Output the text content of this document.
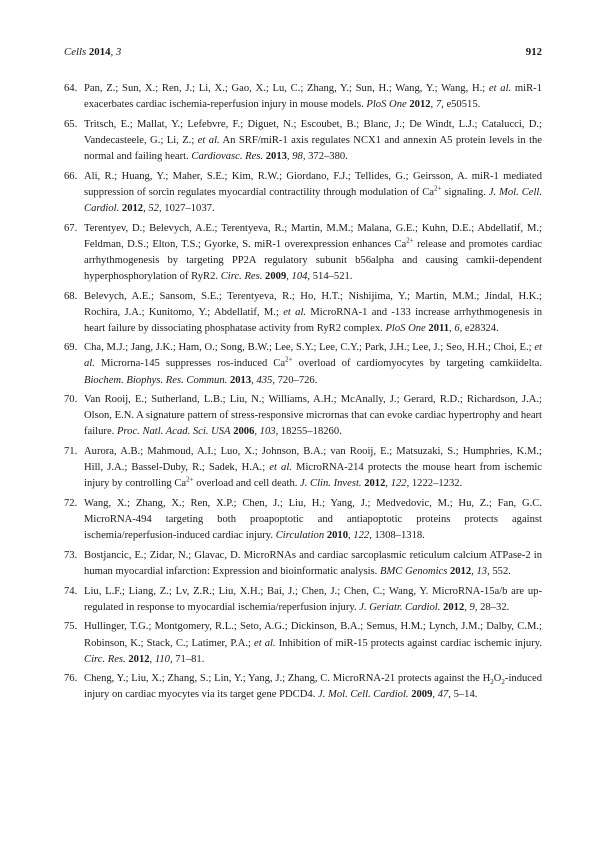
Cells 2014, 3	912
64. Pan, Z.; Sun, X.; Ren, J.; Li, X.; Gao, X.; Lu, C.; Zhang, Y.; Sun, H.; Wang, Y.; Wang, H.; et al. miR-1 exacerbates cardiac ischemia-reperfusion injury in mouse models. PloS One 2012, 7, e50515.
65. Tritsch, E.; Mallat, Y.; Lefebvre, F.; Diguet, N.; Escoubet, B.; Blanc, J.; De Windt, L.J.; Catalucci, D.; Vandecasteele, G.; Li, Z.; et al. An SRF/miR-1 axis regulates NCX1 and annexin A5 protein levels in the normal and failing heart. Cardiovasc. Res. 2013, 98, 372–380.
66. Ali, R.; Huang, Y.; Maher, S.E.; Kim, R.W.; Giordano, F.J.; Tellides, G.; Geirsson, A. miR-1 mediated suppression of sorcin regulates myocardial contractility through modulation of $Ca^{2+}$ signaling. J. Mol. Cell. Cardiol. 2012, 52, 1027–1037.
67. Terentyev, D.; Belevych, A.E.; Terentyeva, R.; Martin, M.M.; Malana, G.E.; Kuhn, D.E.; Abdellatif, M.; Feldman, D.S.; Elton, T.S.; Gyorke, S. miR-1 overexpression enhances $Ca^{2+}$ release and promotes cardiac arrhythmogenesis by targeting PP2A regulatory subunit b56alpha and causing camkii-dependent hyperphosphorylation of RyR2. Circ. Res. 2009, 104, 514–521.
68. Belevych, A.E.; Sansom, S.E.; Terentyeva, R.; Ho, H.T.; Nishijima, Y.; Martin, M.M.; Jindal, H.K.; Rochira, J.A.; Kunitomo, Y.; Abdellatif, M.; et al. MicroRNA-1 and -133 increase arrhythmogenesis in heart failure by dissociating phosphatase activity from RyR2 complex. PloS One 2011, 6, e28324.
69. Cha, M.J.; Jang, J.K.; Ham, O.; Song, B.W.; Lee, S.Y.; Lee, C.Y.; Park, J.H.; Lee, J.; Seo, H.H.; Choi, E.; et al. Microrna-145 suppresses ros-induced $Ca^{2+}$ overload of cardiomyocytes by targeting camkiidelta. Biochem. Biophys. Res. Commun. 2013, 435, 720–726.
70. Van Rooij, E.; Sutherland, L.B.; Liu, N.; Williams, A.H.; McAnally, J.; Gerard, R.D.; Richardson, J.A.; Olson, E.N. A signature pattern of stress-responsive micrornas that can evoke cardiac hypertrophy and heart failure. Proc. Natl. Acad. Sci. USA 2006, 103, 18255–18260.
71. Aurora, A.B.; Mahmoud, A.I.; Luo, X.; Johnson, B.A.; van Rooij, E.; Matsuzaki, S.; Humphries, K.M.; Hill, J.A.; Bassel-Duby, R.; Sadek, H.A.; et al. MicroRNA-214 protects the mouse heart from ischemic injury by controlling $Ca^{2+}$ overload and cell death. J. Clin. Invest. 2012, 122, 1222–1232.
72. Wang, X.; Zhang, X.; Ren, X.P.; Chen, J.; Liu, H.; Yang, J.; Medvedovic, M.; Hu, Z.; Fan, G.C. MicroRNA-494 targeting both proapoptotic and antiapoptotic proteins protects against ischemia/reperfusion-induced cardiac injury. Circulation 2010, 122, 1308–1318.
73. Bostjancic, E.; Zidar, N.; Glavac, D. MicroRNAs and cardiac sarcoplasmic reticulum calcium ATPase-2 in human myocardial infarction: Expression and bioinformatic analysis. BMC Genomics 2012, 13, 552.
74. Liu, L.F.; Liang, Z.; Lv, Z.R.; Liu, X.H.; Bai, J.; Chen, J.; Chen, C.; Wang, Y. MicroRNA-15a/b are up-regulated in response to myocardial ischemia/reperfusion injury. J. Geriatr. Cardiol. 2012, 9, 28–32.
75. Hullinger, T.G.; Montgomery, R.L.; Seto, A.G.; Dickinson, B.A.; Semus, H.M.; Lynch, J.M.; Dalby, C.M.; Robinson, K.; Stack, C.; Latimer, P.A.; et al. Inhibition of miR-15 protects against cardiac ischemic injury. Circ. Res. 2012, 110, 71–81.
76. Cheng, Y.; Liu, X.; Zhang, S.; Lin, Y.; Yang, J.; Zhang, C. MicroRNA-21 protects against the $H_2O_2$-induced injury on cardiac myocytes via its target gene PDCD4. J. Mol. Cell. Cardiol. 2009, 47, 5–14.
